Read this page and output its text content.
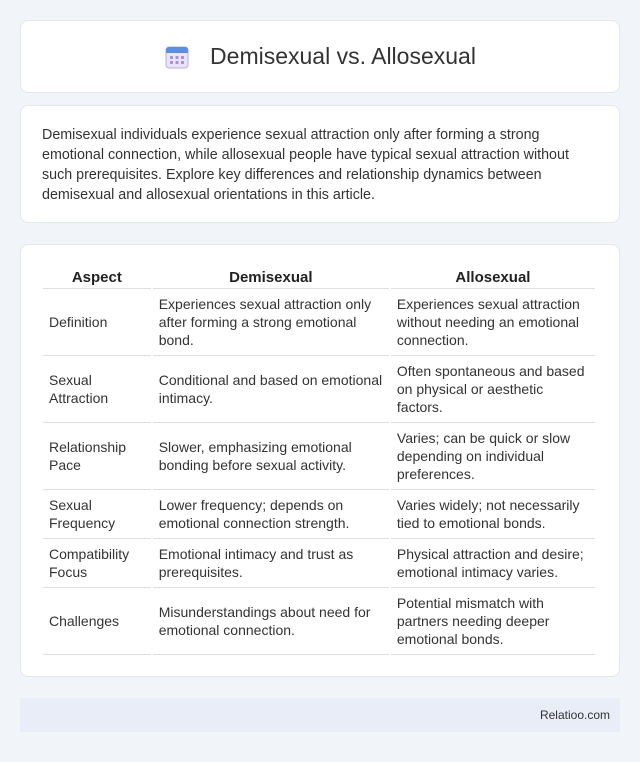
Demisexual vs. Allosexual

Demisexual individuals experience sexual attraction only after forming a strong emotional connection, while allosexual people have typical sexual attraction without such prerequisites. Explore key differences and relationship dynamics between demisexual and allosexual orientations in this article.

Aspect	Demisexual	Allosexual
Definition	Experiences sexual attraction only after forming a strong emotional bond.	Experiences sexual attraction without needing an emotional connection.
Sexual Attraction	Conditional and based on emotional intimacy.	Often spontaneous and based on physical or aesthetic factors.
Relationship Pace	Slower, emphasizing emotional bonding before sexual activity.	Varies; can be quick or slow depending on individual preferences.
Sexual Frequency	Lower frequency; depends on emotional connection strength.	Varies widely; not necessarily tied to emotional bonds.
Compatibility Focus	Emotional intimacy and trust as prerequisites.	Physical attraction and desire; emotional intimacy varies.
Challenges	Misunderstandings about need for emotional connection.	Potential mismatch with partners needing deeper emotional bonds.
Relatioo.com
